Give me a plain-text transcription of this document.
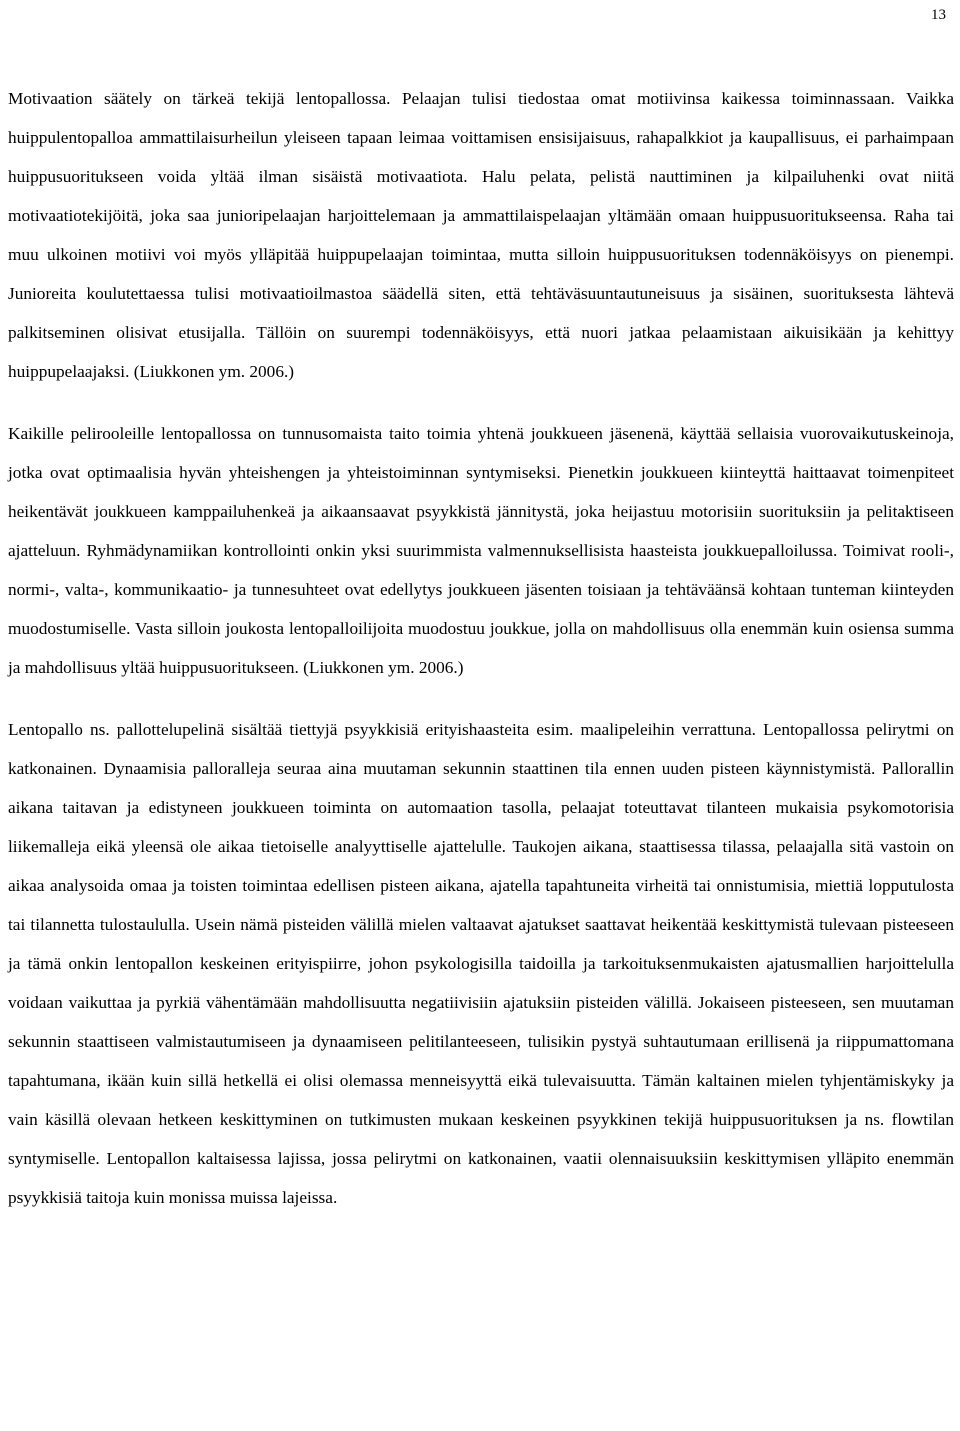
13

Motivaation säätely on tärkeä tekijä lentopallossa. Pelaajan tulisi tiedostaa omat motiivinsa kaikessa toiminnassaan. Vaikka huippulentopalloa ammattilaisurheilun yleiseen tapaan leimaa voittamisen ensisijaisuus, rahapalkkiot ja kaupallisuus, ei parhaimpaan huippusuoritukseen voida yltää ilman sisäistä motivaatiota. Halu pelata, pelistä nauttiminen ja kilpailuhenki ovat niitä motivaatiotekijöitä, joka saa junioripelaajan harjoittelemaan ja ammattilaispelaajan yltämään omaan huippusuoritukseensa. Raha tai muu ulkoinen motiivi voi myös ylläpitää huippupelaajan toimintaa, mutta silloin huippusuorituksen todennäköisyys on pienempi. Junioreita koulutettaessa tulisi motivaatioilmastoa säädellä siten, että tehtäväsuuntautuneisuus ja sisäinen, suorituksesta lähtevä palkitseminen olisivat etusijalla. Tällöin on suurempi todennäköisyys, että nuori jatkaa pelaamistaan aikuisikään ja kehittyy huippupelaajaksi. (Liukkonen ym. 2006.)

Kaikille pelirooleille lentopallossa on tunnusomaista taito toimia yhtenä joukkueen jäsenenä, käyttää sellaisia vuorovaikutuskeinoja, jotka ovat optimaalisia hyvän yhteishengen ja yhteistoiminnan syntymiseksi. Pienetkin joukkueen kiinteyttä haittaavat toimenpiteet heikentävät joukkueen kamppailuhenkeä ja aikaansaavat psyykkistä jännitystä, joka heijastuu motorisiin suorituksiin ja pelitaktiseen ajatteluun. Ryhmädynamiikan kontrollointi onkin yksi suurimmista valmennuksellisista haasteista joukkuepalloilussa. Toimivat rooli-, normi-, valta-, kommunikaatio- ja tunnesuhteet ovat edellytys joukkueen jäsenten toisiaan ja tehtäväänsä kohtaan tunteman kiinteyden muodostumiselle. Vasta silloin joukosta lentopalloilijoita muodostuu joukkue, jolla on mahdollisuus olla enemmän kuin osiensa summa ja mahdollisuus yltää huippusuoritukseen. (Liukkonen ym. 2006.)

Lentopallo ns. pallottelupelinä sisältää tiettyjä psyykkisiä erityishaasteita esim. maalipeleihin verrattuna. Lentopallossa pelirytmi on katkonainen. Dynaamisia palloralleja seuraa aina muutaman sekunnin staattinen tila ennen uuden pisteen käynnistymistä. Pallorallin aikana taitavan ja edistyneen joukkueen toiminta on automaation tasolla, pelaajat toteuttavat tilanteen mukaisia psykomotorisia liikemalleja eikä yleensä ole aikaa tietoiselle analyyttiselle ajattelulle. Taukojen aikana, staattisessa tilassa, pelaajalla sitä vastoin on aikaa analysoida omaa ja toisten toimintaa edellisen pisteen aikana, ajatella tapahtuneita virheitä tai onnistumisia, miettiä lopputulosta tai tilannetta tulostaululla. Usein nämä pisteiden välillä mielen valtaavat ajatukset saattavat heikentää keskittymistä tulevaan pisteeseen ja tämä onkin lentopallon keskeinen erityispiirre, johon psykologisilla taidoilla ja tarkoituksenmukaisten ajatusmallien harjoittelulla voidaan vaikuttaa ja pyrkiä vähentämään mahdollisuutta negatiivisiin ajatuksiin pisteiden välillä. Jokaiseen pisteeseen, sen muutaman sekunnin staattiseen valmistautumiseen ja dynaamiseen pelitilanteeseen, tulisikin pystyä suhtautumaan erillisenä ja riippumattomana tapahtumana, ikään kuin sillä hetkellä ei olisi olemassa menneisyyttä eikä tulevaisuutta. Tämän kaltainen mielen tyhjentämiskyky ja vain käsillä olevaan hetkeen keskittyminen on tutkimusten mukaan keskeinen psyykkinen tekijä huippusuorituksen ja ns. flowtilan syntymiselle. Lentopallon kaltaisessa lajissa, jossa pelirytmi on katkonainen, vaatii olennaisuuksiin keskittymisen ylläpito enemmän psyykkisiä taitoja kuin monissa muissa lajeissa.
